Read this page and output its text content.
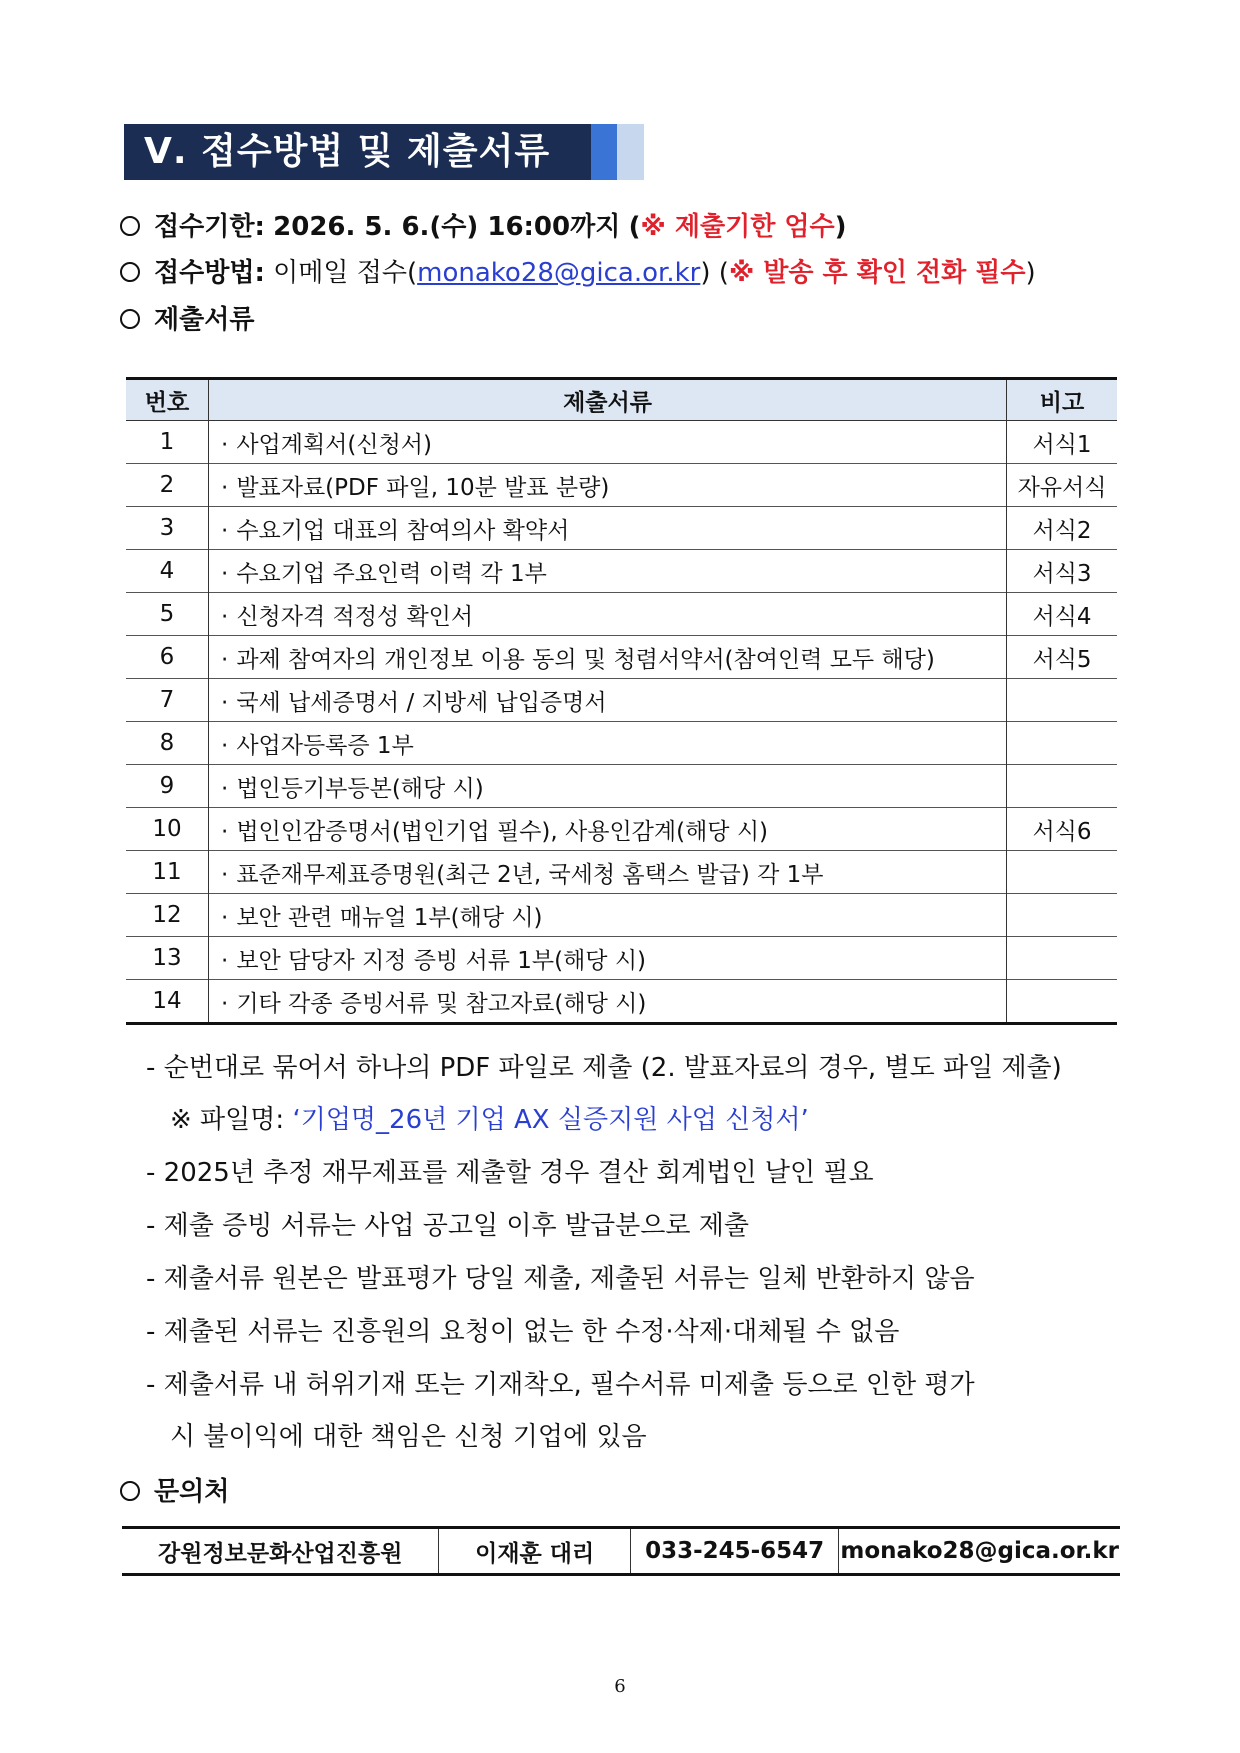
Ⅴ. 접수방법 및 제출서류
접수기한: 2026. 5. 6.(수) 16:00까지 (※ 제출기한 엄수)
접수방법: 이메일 접수(monako28@gica.or.kr) (※ 발송 후 확인 전화 필수)
제출서류
번호	제출서류	비고
1	· 사업계획서(신청서)	서식1
2	· 발표자료(PDF 파일, 10분 발표 분량)	자유서식
3	· 수요기업 대표의 참여의사 확약서	서식2
4	· 수요기업 주요인력 이력 각 1부	서식3
5	· 신청자격 적정성 확인서	서식4
6	· 과제 참여자의 개인정보 이용 동의 및 청렴서약서(참여인력 모두 해당)	서식5
7	· 국세 납세증명서 / 지방세 납입증명서	
8	· 사업자등록증 1부	
9	· 법인등기부등본(해당 시)	
10	· 법인인감증명서(법인기업 필수), 사용인감계(해당 시)	서식6
11	· 표준재무제표증명원(최근 2년, 국세청 홈택스 발급) 각 1부	
12	· 보안 관련 매뉴얼 1부(해당 시)	
13	· 보안 담당자 지정 증빙 서류 1부(해당 시)	
14	· 기타 각종 증빙서류 및 참고자료(해당 시)	
- 순번대로 묶어서 하나의 PDF 파일로 제출 (2. 발표자료의 경우, 별도 파일 제출)
※ 파일명: ‘기업명_26년 기업 AX 실증지원 사업 신청서’
- 2025년 추정 재무제표를 제출할 경우 결산 회계법인 날인 필요
- 제출 증빙 서류는 사업 공고일 이후 발급분으로 제출
- 제출서류 원본은 발표평가 당일 제출, 제출된 서류는 일체 반환하지 않음
- 제출된 서류는 진흥원의 요청이 없는 한 수정·삭제·대체될 수 없음
- 제출서류 내 허위기재 또는 기재착오, 필수서류 미제출 등으로 인한 평가
시 불이익에 대한 책임은 신청 기업에 있음
문의처
강원정보문화산업진흥원	이재훈 대리	033-245-6547	monako28@gica.or.kr
6
